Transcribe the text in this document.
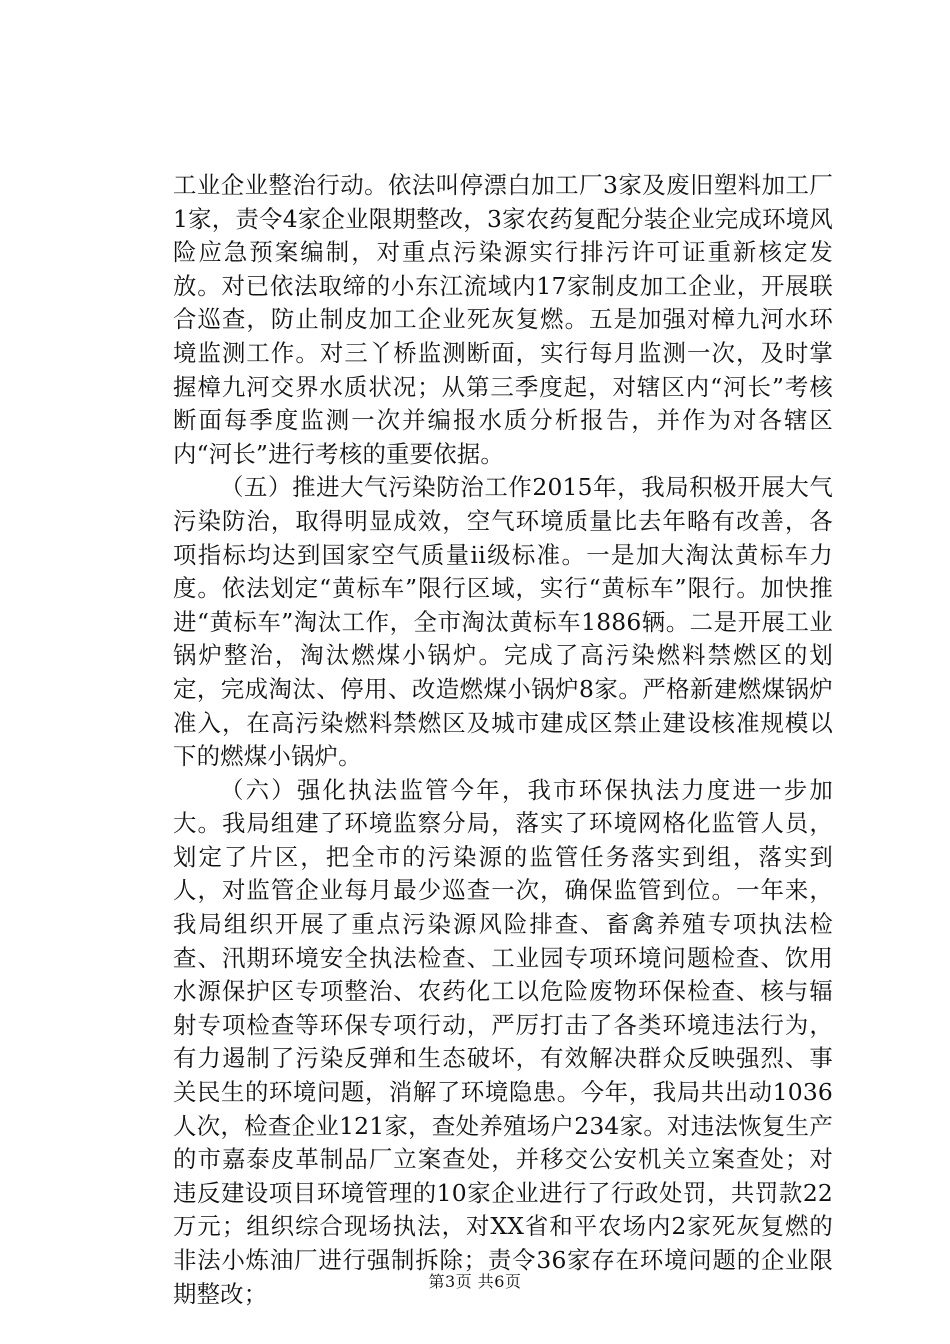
工业企业整治行动。依法叫停漂白加工厂3家及废旧塑料加工厂1家，责令4家企业限期整改，3家农药复配分装企业完成环境风险应急预案编制，对重点污染源实行排污许可证重新核定发放。对已依法取缔的小东江流域内17家制皮加工企业，开展联合巡查，防止制皮加工企业死灰复燃。五是加强对樟九河水环境监测工作。对三丫桥监测断面，实行每月监测一次，及时掌握樟九河交界水质状况；从第三季度起，对辖区内“河长”考核断面每季度监测一次并编报水质分析报告，并作为对各辖区内“河长”进行考核的重要依据。

（五）推进大气污染防治工作2015年，我局积极开展大气污染防治，取得明显成效，空气环境质量比去年略有改善，各项指标均达到国家空气质量ii级标准。一是加大淘汰黄标车力度。依法划定“黄标车”限行区域，实行“黄标车”限行。加快推进“黄标车”淘汰工作，全市淘汰黄标车1886辆。二是开展工业锅炉整治，淘汰燃煤小锅炉。完成了高污染燃料禁燃区的划定，完成淘汰、停用、改造燃煤小锅炉8家。严格新建燃煤锅炉准入，在高污染燃料禁燃区及城市建成区禁止建设核准规模以下的燃煤小锅炉。

（六）强化执法监管今年，我市环保执法力度进一步加大。我局组建了环境监察分局，落实了环境网格化监管人员，划定了片区，把全市的污染源的监管任务落实到组，落实到人，对监管企业每月最少巡查一次，确保监管到位。一年来，我局组织开展了重点污染源风险排查、畜禽养殖专项执法检查、汛期环境安全执法检查、工业园专项环境问题检查、饮用水源保护区专项整治、农药化工以危险废物环保检查、核与辐射专项检查等环保专项行动，严厉打击了各类环境违法行为，有力遏制了污染反弹和生态破坏，有效解决群众反映强烈、事关民生的环境问题，消解了环境隐患。今年，我局共出动1036人次，检查企业121家，查处养殖场户234家。对违法恢复生产的市嘉泰皮革制品厂立案查处，并移交公安机关立案查处；对违反建设项目环境管理的10家企业进行了行政处罚，共罚款22万元；组织综合现场执法，对XX省和平农场内2家死灰复燃的非法小炼油厂进行强制拆除；责令36家存在环境问题的企业限期整改；	第3页 共6页
